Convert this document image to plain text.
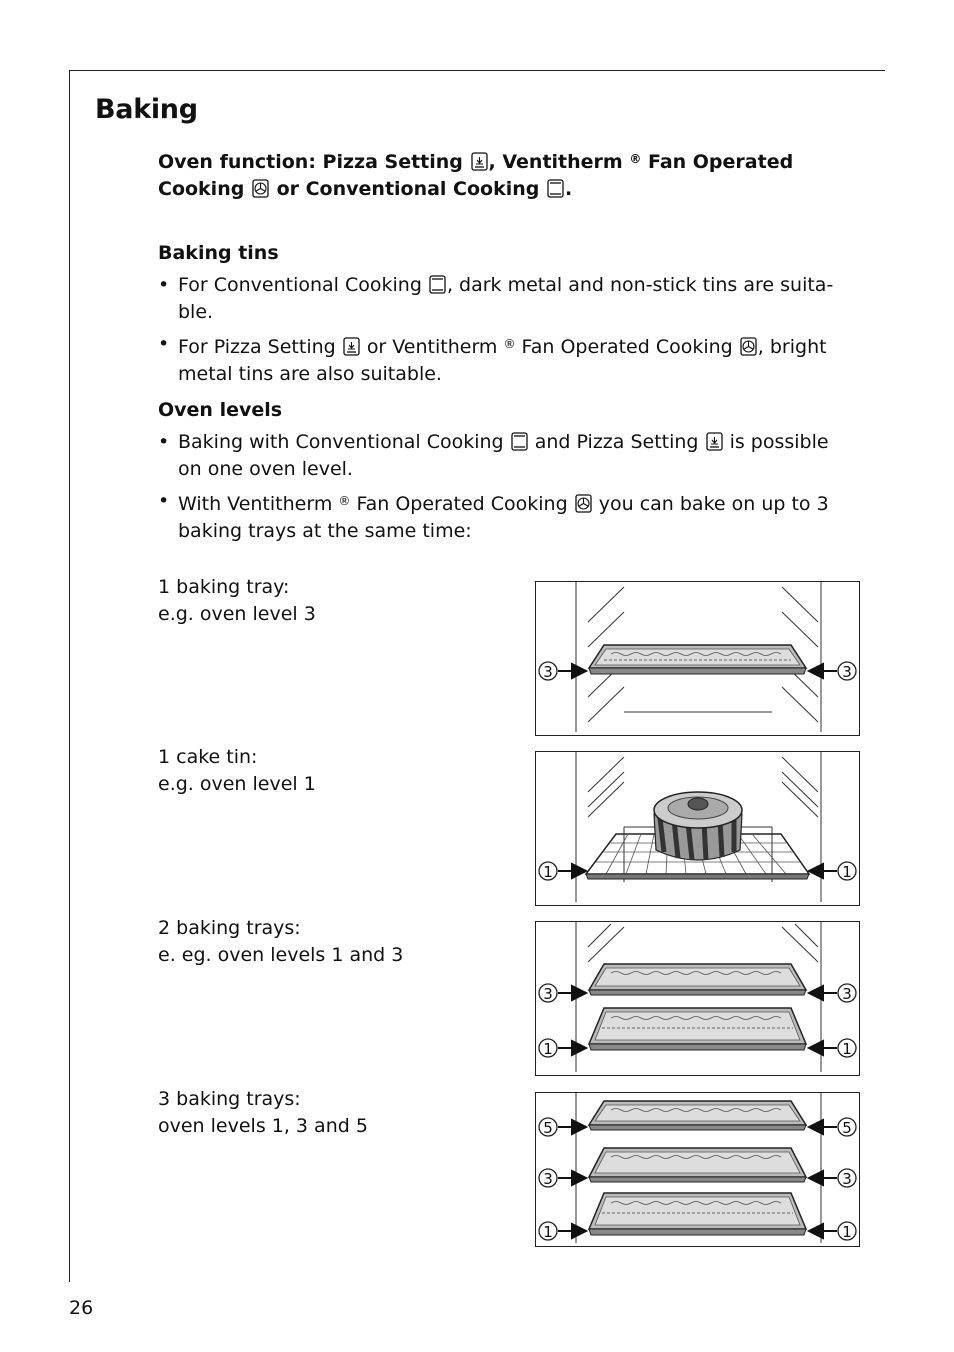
Baking
Oven function: Pizza Setting , Ventitherm ® Fan Operated
Cooking or Conventional Cooking .
Baking tins
• For Conventional Cooking , dark metal and non-stick tins are suita-
ble.
• For Pizza Setting or Ventitherm ® Fan Operated Cooking , bright
metal tins are also suitable.
Oven levels
• Baking with Conventional Cooking and Pizza Setting is possible
on one oven level.
• With Ventitherm ® Fan Operated Cooking you can bake on up to 3
baking trays at the same time:
1 baking tray:
e.g. oven level 3
1 cake tin:
e.g. oven level 1
2 baking trays:
e. eg. oven levels 1 and 3
3 baking trays:
oven levels 1, 3 and 5
3	3
1	1
3	3
1	1
5	5
3	3
1	1
26
